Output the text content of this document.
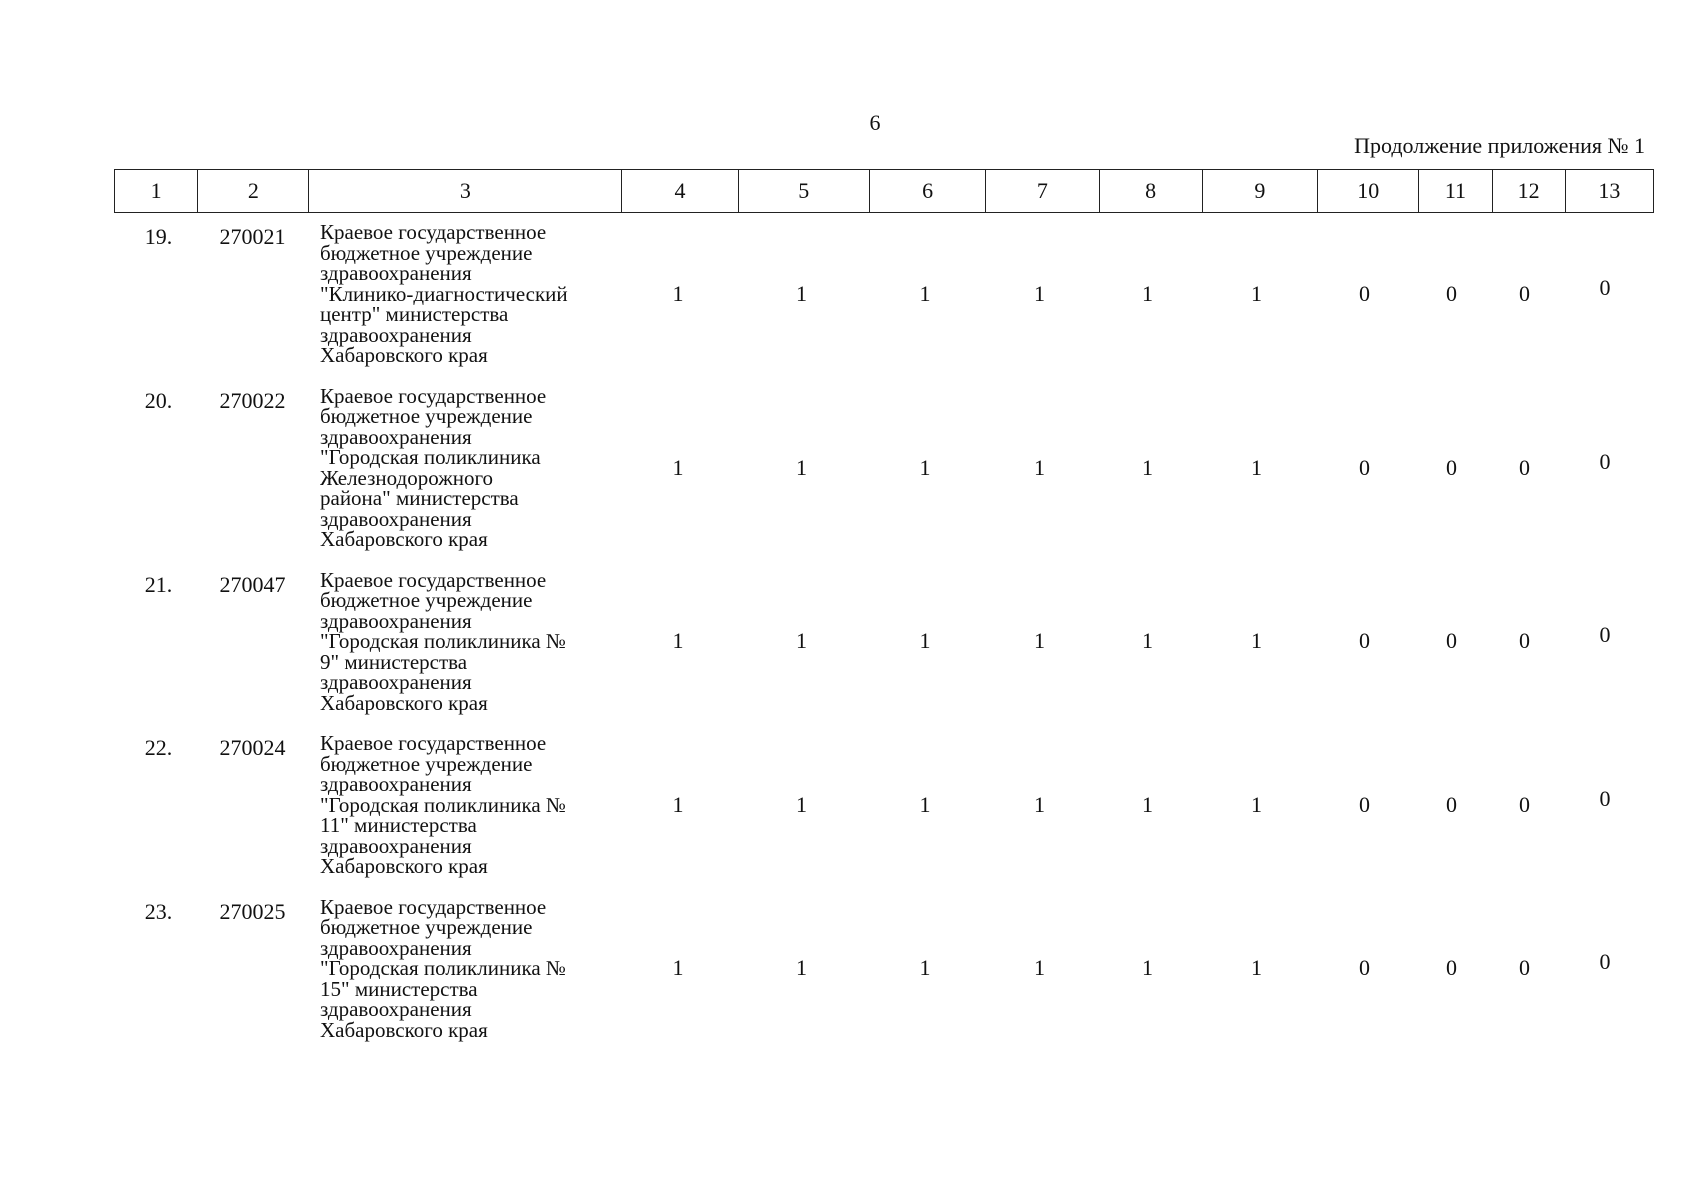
6
Продолжение приложения № 1
1	2	3	4	5	6	7	8	9	10	11	12	13
19.	270021	Краевое государственное
бюджетное учреждение
здравоохранения
"Клинико-диагностический
центр" министерства
здравоохранения
Хабаровского края
1	1	1	1	1	1	0	0	0	0
20.	270022	Краевое государственное
бюджетное учреждение
здравоохранения
"Городская поликлиника
Железнодорожного
района" министерства
здравоохранения
Хабаровского края
1	1	1	1	1	1	0	0	0	0
21.	270047	Краевое государственное
бюджетное учреждение
здравоохранения
"Городская поликлиника №
9" министерства
здравоохранения
Хабаровского края
1	1	1	1	1	1	0	0	0	0
22.	270024	Краевое государственное
бюджетное учреждение
здравоохранения
"Городская поликлиника №
11" министерства
здравоохранения
Хабаровского края
1	1	1	1	1	1	0	0	0	0
23.	270025	Краевое государственное
бюджетное учреждение
здравоохранения
"Городская поликлиника №
15" министерства
здравоохранения
Хабаровского края
1	1	1	1	1	1	0	0	0	0
